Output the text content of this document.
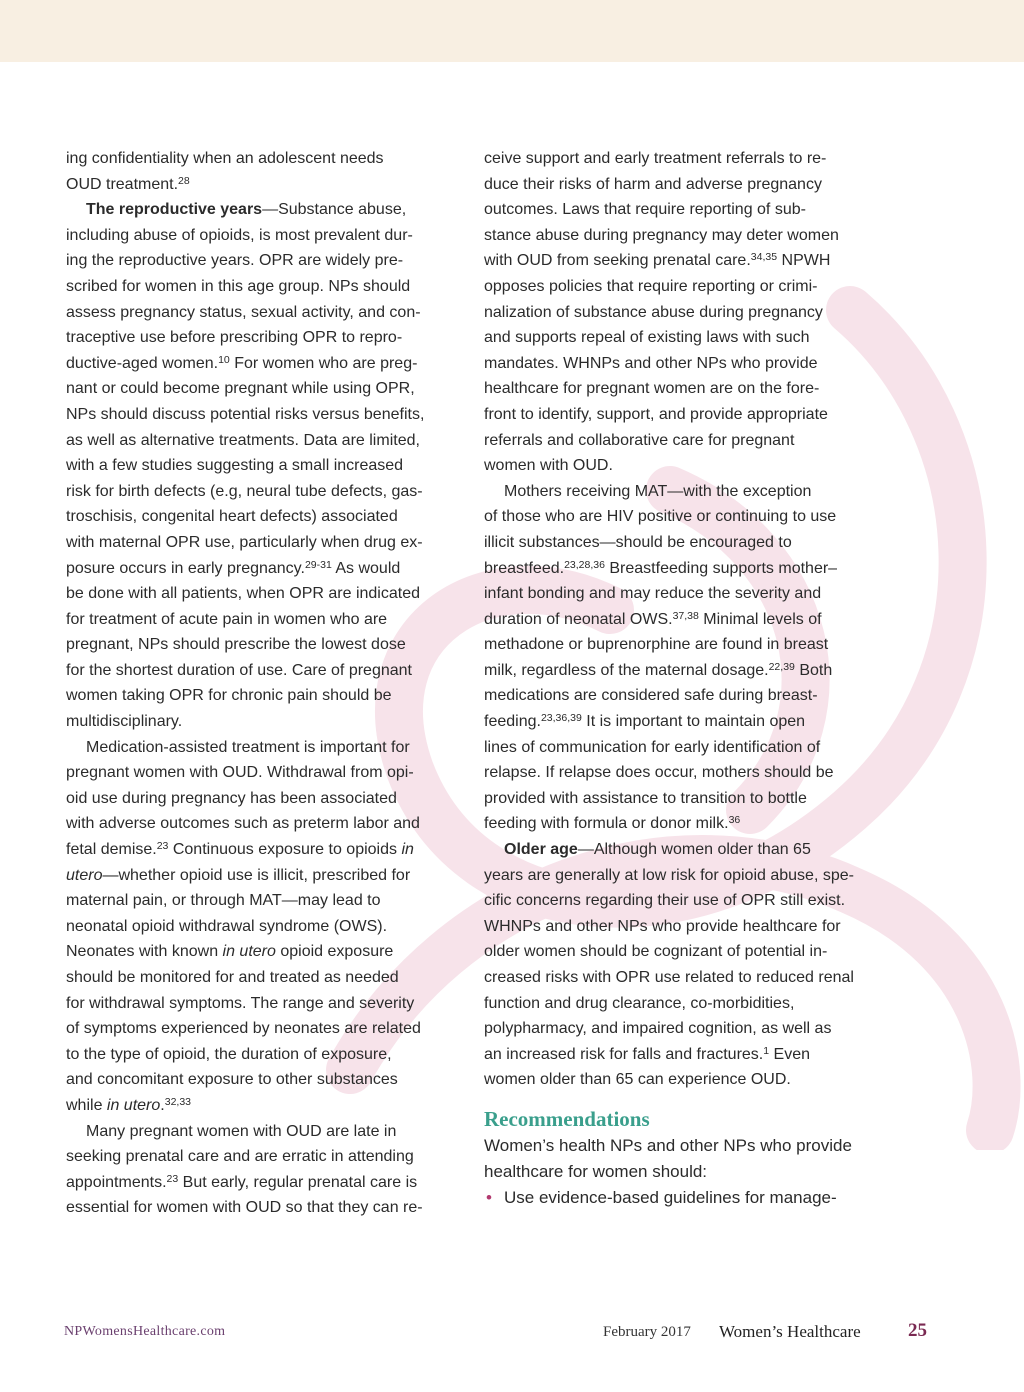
ing confidentiality when an adolescent needs
OUD treatment.$^{28}$
The reproductive years—Substance abuse,
including abuse of opioids, is most prevalent dur-
ing the reproductive years. OPR are widely pre-
scribed for women in this age group. NPs should
assess pregnancy status, sexual activity, and con-
traceptive use before prescribing OPR to repro-
ductive-aged women.$^{10}$ For women who are preg-
nant or could become pregnant while using OPR,
NPs should discuss potential risks versus benefits,
as well as alternative treatments. Data are limited,
with a few studies suggesting a small increased
risk for birth defects (e.g, neural tube defects, gas-
troschisis, congenital heart defects) associated
with maternal OPR use, particularly when drug ex-
posure occurs in early pregnancy.$^{29-31}$ As would
be done with all patients, when OPR are indicated
for treatment of acute pain in women who are
pregnant, NPs should prescribe the lowest dose
for the shortest duration of use. Care of pregnant
women taking OPR for chronic pain should be
multidisciplinary.
Medication-assisted treatment is important for
pregnant women with OUD. Withdrawal from opi-
oid use during pregnancy has been associated
with adverse outcomes such as preterm labor and
fetal demise.$^{23}$ Continuous exposure to opioids in
utero—whether opioid use is illicit, prescribed for
maternal pain, or through MAT—may lead to
neonatal opioid withdrawal syndrome (OWS).
Neonates with known in utero opioid exposure
should be monitored for and treated as needed
for withdrawal symptoms. The range and severity
of symptoms experienced by neonates are related
to the type of opioid, the duration of exposure,
and concomitant exposure to other substances
while in utero.$^{32,33}$
Many pregnant women with OUD are late in
seeking prenatal care and are erratic in attending
appointments.$^{23}$ But early, regular prenatal care is
essential for women with OUD so that they can re-
ceive support and early treatment referrals to re-
duce their risks of harm and adverse pregnancy
outcomes. Laws that require reporting of sub-
stance abuse during pregnancy may deter women
with OUD from seeking prenatal care.$^{34,35}$ NPWH
opposes policies that require reporting or crimi-
nalization of substance abuse during pregnancy
and supports repeal of existing laws with such
mandates. WHNPs and other NPs who provide
healthcare for pregnant women are on the fore-
front to identify, support, and provide appropriate
referrals and collaborative care for pregnant
women with OUD.
Mothers receiving MAT—with the exception
of those who are HIV positive or continuing to use
illicit substances—should be encouraged to
breastfeed.$^{23,28,36}$ Breastfeeding supports mother–
infant bonding and may reduce the severity and
duration of neonatal OWS.$^{37,38}$ Minimal levels of
methadone or buprenorphine are found in breast
milk, regardless of the maternal dosage.$^{22,39}$ Both
medications are considered safe during breast-
feeding.$^{23,36,39}$ It is important to maintain open
lines of communication for early identification of
relapse. If relapse does occur, mothers should be
provided with assistance to transition to bottle
feeding with formula or donor milk.$^{36}$
Older age—Although women older than 65
years are generally at low risk for opioid abuse, spe-
cific concerns regarding their use of OPR still exist.
WHNPs and other NPs who provide healthcare for
older women should be cognizant of potential in-
creased risks with OPR use related to reduced renal
function and drug clearance, co-morbidities,
polypharmacy, and impaired cognition, as well as
an increased risk for falls and fractures.$^1$ Even
women older than 65 can experience OUD.
Recommendations

Women’s health NPs and other NPs who provide
healthcare for women should:

• Use evidence-based guidelines for manage-
NPWomensHealthcare.com	February 2017 Women’s Healthcare 25
